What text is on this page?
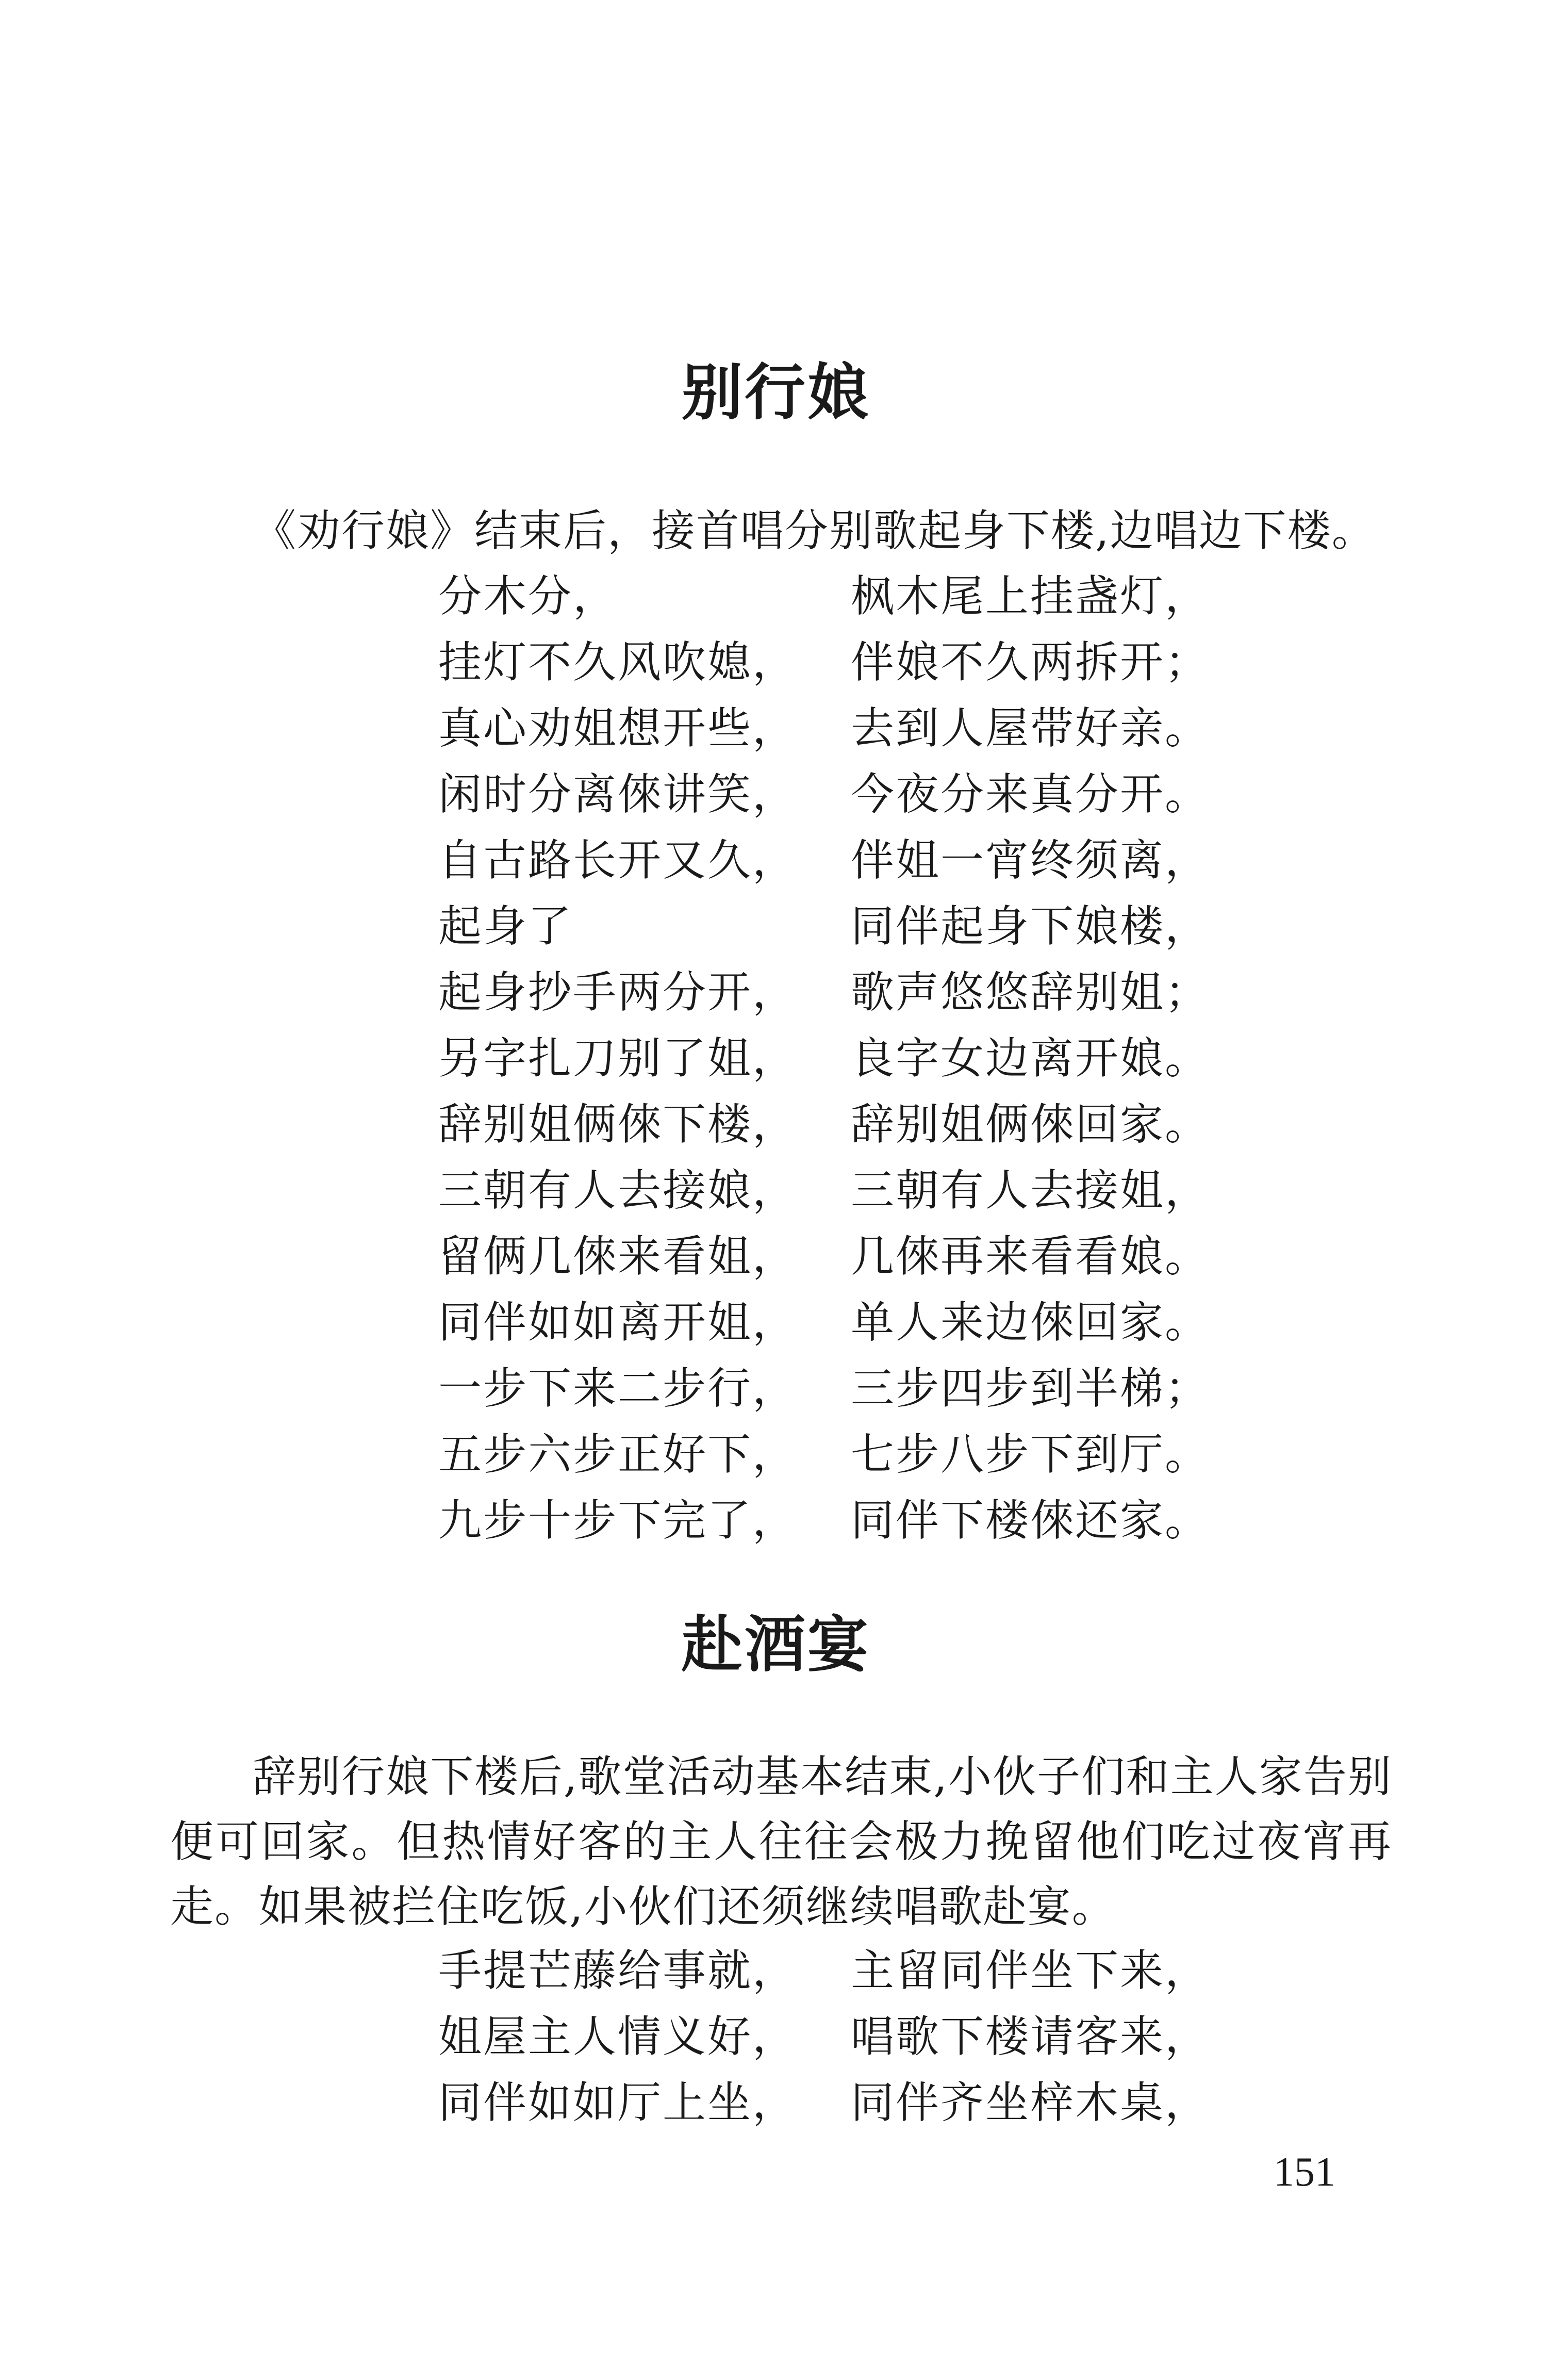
别行娘

《劝行娘》结束后，接首唱分别歌起身下楼,边唱边下楼。

分木分，	枫木尾上挂盏灯，
挂灯不久风吹媳， 伴娘不久两拆开；
真心劝姐想开些， 去到人屋带好亲。
闲时分离倈讲笑， 今夜分来真分开。
自古路长开又久， 伴姐一宵终须离，
起身了	同伴起身下娘楼，
起身抄手两分开， 歌声悠悠辞别姐；
另字扎刀别了姐， 良字女边离开娘。
辞别姐俩倈下楼， 辞别姐俩倈回家。
三朝有人去接娘， 三朝有人去接姐，
留俩几倈来看姐， 几倈再来看看娘。
同伴如如离开姐， 单人来边倈回家。
一步下来二步行， 三步四步到半梯；
五步六步正好下， 七步八步下到厅。
九步十步下完了， 同伴下楼倈还家。
赴酒宴

辞别行娘下楼后,歌堂活动基本结束,小伙子们和主人家告别便可回家。但热情好客的主人往往会极力挽留他们吃过夜宵再走。如果被拦住吃饭,小伙们还须继续唱歌赴宴。

手提芒藤给事就， 主留同伴坐下来，
姐屋主人情义好， 唱歌下楼请客来，
同伴如如厅上坐， 同伴齐坐梓木桌，
151
